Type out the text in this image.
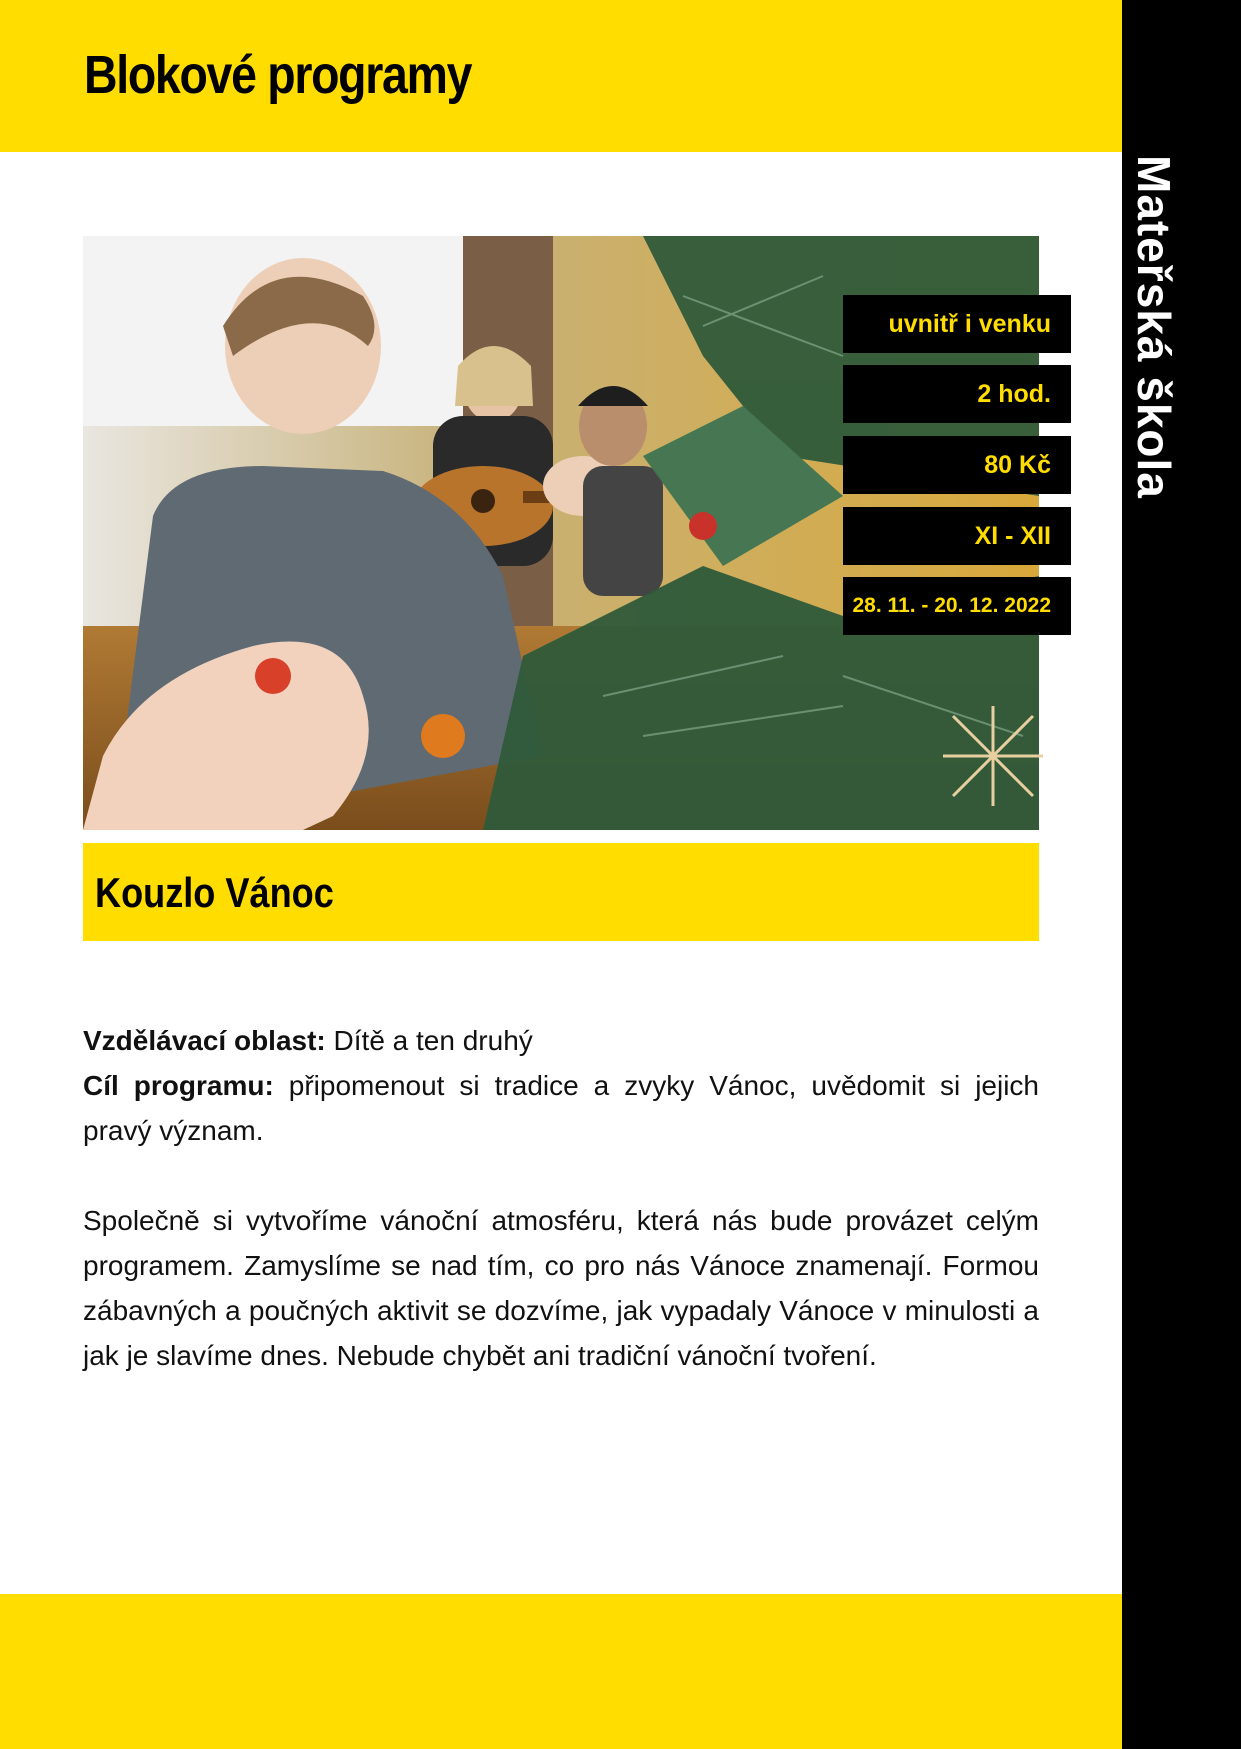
Blokové programy
Mateřská škola
uvnitř i venku
2 hod.
80 Kč
XI - XII
28. 11. - 20. 12. 2022
Kouzlo Vánoc

Vzdělávací oblast: Dítě a ten druhý

Cíl programu: připomenout si tradice a zvyky Vánoc, uvědomit si jejich pravý význam.

Společně si vytvoříme vánoční atmosféru, která nás bude provázet celým programem. Zamyslíme se nad tím, co pro nás Vánoce znamenají. Formou zábavných a poučných aktivit se dozvíme, jak vypadaly Vánoce v minulosti a jak je slavíme dnes. Nebude chybět ani tradiční vánoční tvoření.
